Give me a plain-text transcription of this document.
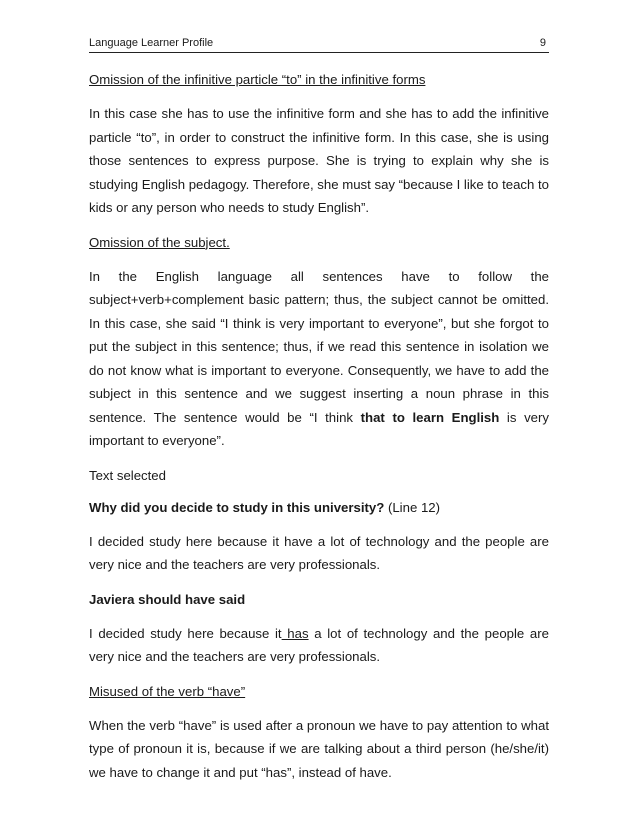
Language Learner Profile	9

Omission of the infinitive particle “to” in the infinitive forms

In this case she has to use the infinitive form and she has to add the infinitive particle “to”, in order to construct the infinitive form. In this case, she is using those sentences to express purpose. She is trying to explain why she is studying English pedagogy. Therefore, she must say “because I like to teach to kids or any person who needs to study English”.

Omission of the subject.

In the English language all sentences have to follow the subject+verb+complement basic pattern; thus, the subject cannot be omitted. In this case, she said “I think is very important to everyone”, but she forgot to put the subject in this sentence; thus, if we read this sentence in isolation we do not know what is important to everyone. Consequently, we have to add the subject in this sentence and we suggest inserting a noun phrase in this sentence. The sentence would be “I think that to learn English is very important to everyone”.

Text selected

Why did you decide to study in this university? (Line 12)

I decided study here because it have a lot of technology and the people are very nice and the teachers are very professionals.

Javiera should have said

I decided study here because it has a lot of technology and the people are very nice and the teachers are very professionals.

Misused of the verb “have”

When the verb “have” is used after a pronoun we have to pay attention to what type of pronoun it is, because if we are talking about a third person (he/she/it) we have to change it and put “has”, instead of have.
